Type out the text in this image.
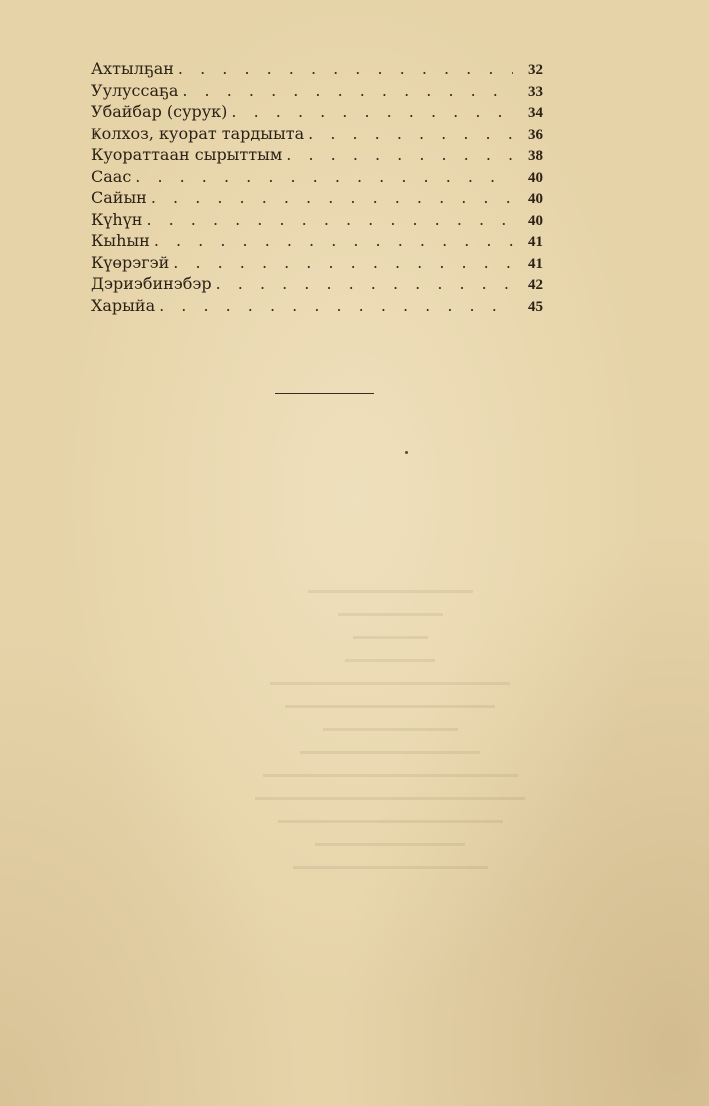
Ахтылҕан . . .	32
Уулуссаҕа . . .	33
Убайбар (сурук) . . .	34
Ҝолхоз, куорат тардыыта . . .	36
Куораттаан сырыттым . . .	38
Саас . . .	40
Сайын . . .	40
Күһүн . . .	40
Кыһын . . .	41
Күөрэгэй . . .	41
Дэриэбинэбэр . . .	42
Харыйа . . .	45
